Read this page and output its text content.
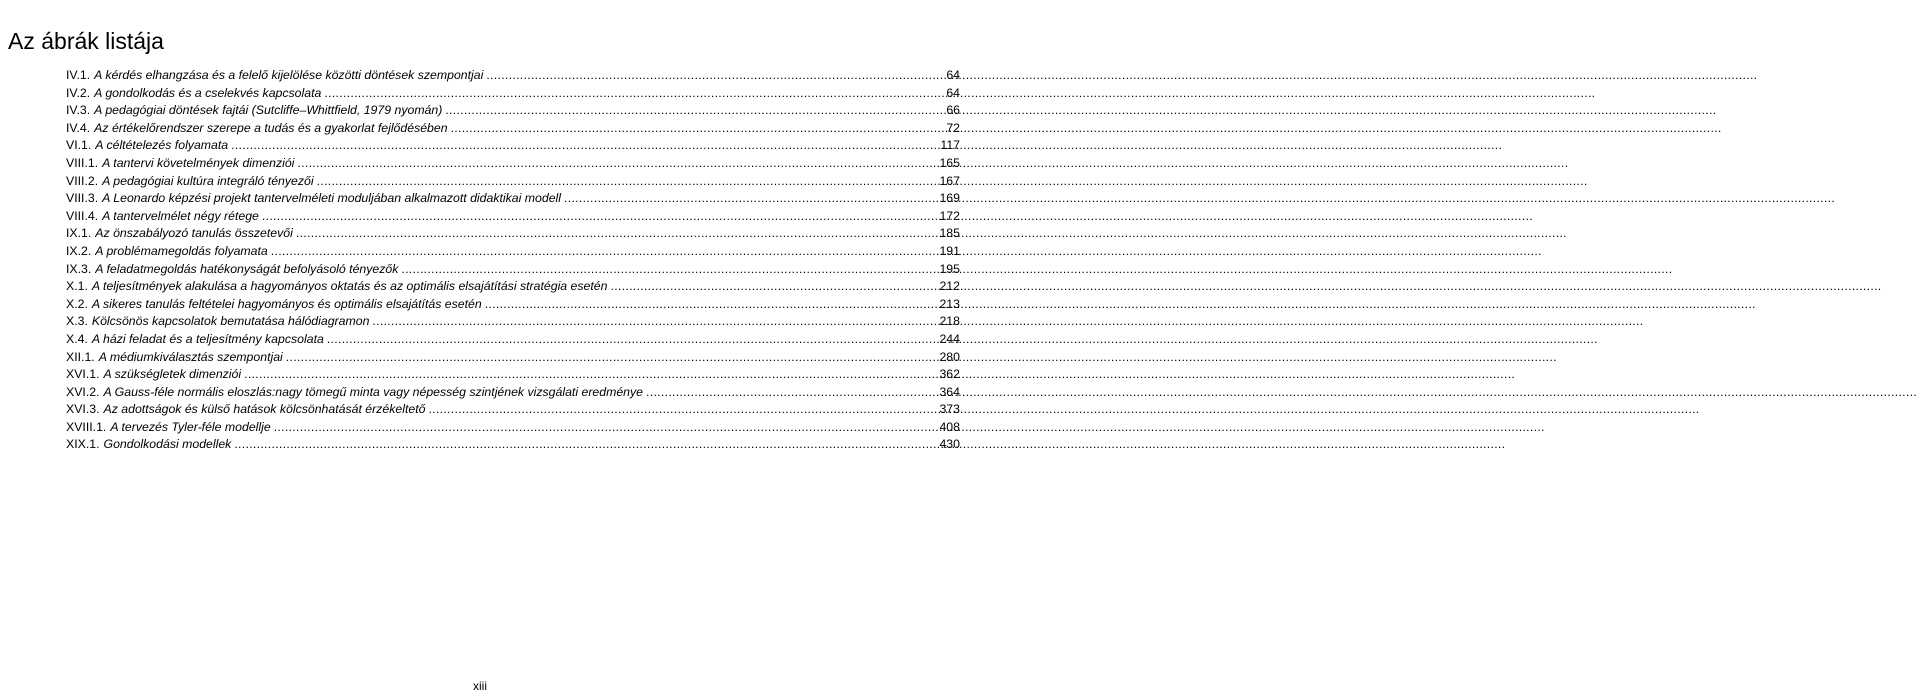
Az ábrák listája
IV.1. A kérdés elhangzása és a felelő kijelölése közötti döntések szempontjai .....	64
IV.2. A gondolkodás és a cselekvés kapcsolata .....	64
IV.3. A pedagógiai döntések fajtái (Sutcliffe–Whittfield, 1979 nyomán) .....	66
IV.4. Az értékelőrendszer szerepe a tudás és a gyakorlat fejlődésében .....	72
VI.1. A céltételezés folyamata .....	117
VIII.1. A tantervi követelmények dimenziói .....	165
VIII.2. A pedagógiai kultúra integráló tényezői .....	167
VIII.3. A Leonardo képzési projekt tantervelméleti moduljában alkalmazott didaktikai modell .....	169
VIII.4. A tantervelmélet négy rétege .....	172
IX.1. Az önszabályozó tanulás összetevői .....	185
IX.2. A problémamegoldás folyamata .....	191
IX.3. A feladatmegoldás hatékonyságát befolyásoló tényezők .....	195
X.1. A teljesítmények alakulása a hagyományos oktatás és az optimális elsajátítási stratégia esetén .....	212
X.2. A sikeres tanulás feltételei hagyományos és optimális elsajátítás esetén .....	213
X.3. Kölcsönös kapcsolatok bemutatása hálódiagramon .....	218
X.4. A házi feladat és a teljesítmény kapcsolata .....	244
XII.1. A médiumkiválasztás szempontjai .....	280
XVI.1. A szükségletek dimenziói .....	362
XVI.2. A Gauss-féle normális eloszlás:nagy tömegű minta vagy népesség szintjének vizsgálati eredménye .....	364
XVI.3. Az adottságok és külső hatások kölcsönhatását érzékeltető .....	373
XVIII.1. A tervezés Tyler-féle modellje .....	408
XIX.1. Gondolkodási modellek .....	430
xiii
